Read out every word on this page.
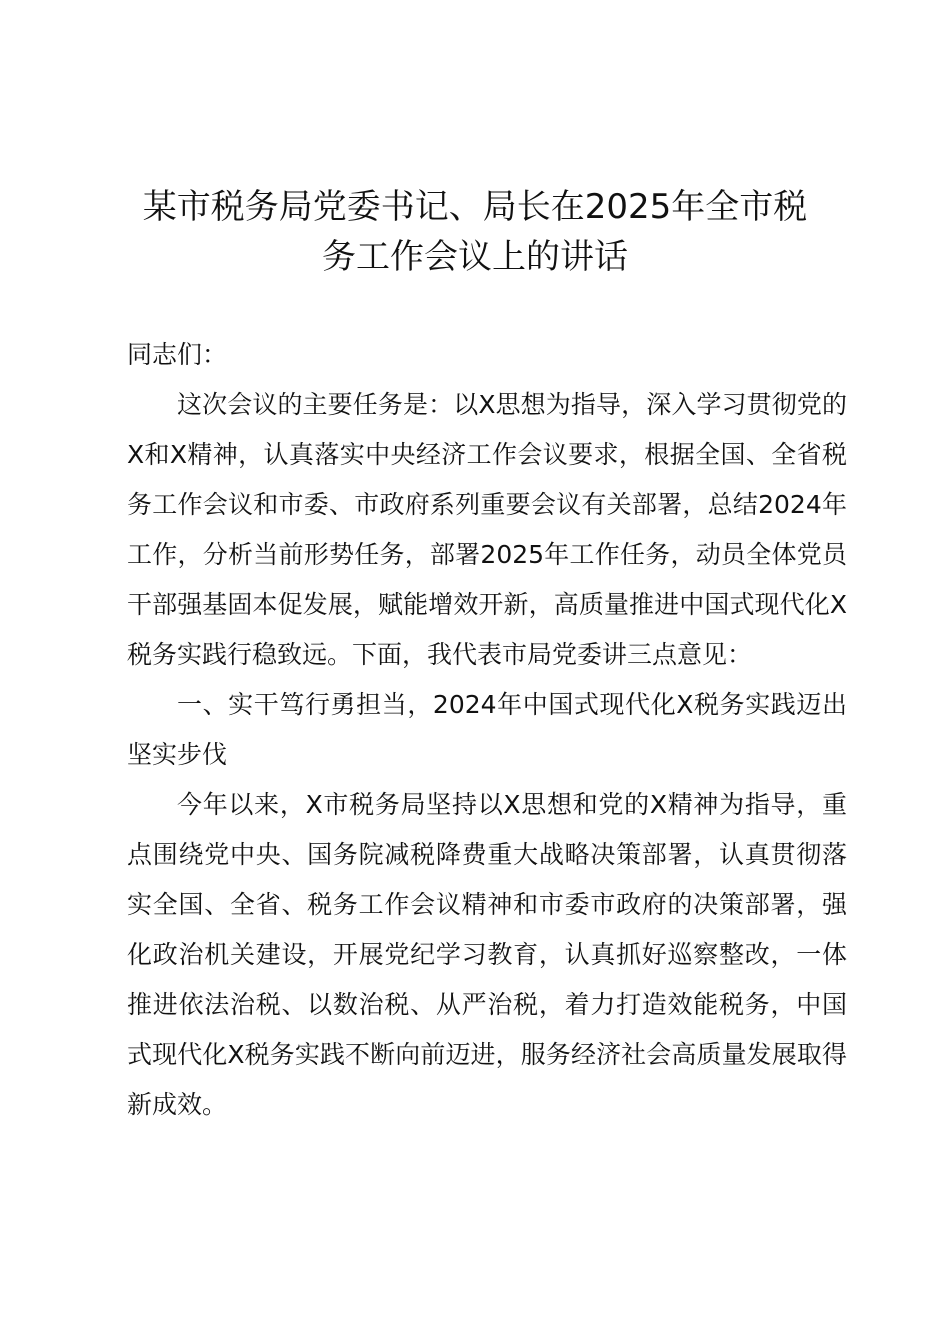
某市税务局党委书记、局长在2025年全市税
务工作会议上的讲话

同志们：

这次会议的主要任务是：以X思想为指导，深入学习贯彻党的X和X精神，认真落实中央经济工作会议要求，根据全国、全省税务工作会议和市委、市政府系列重要会议有关部署，总结2024年工作，分析当前形势任务，部署2025年工作任务，动员全体党员干部强基固本促发展，赋能增效开新，高质量推进中国式现代化X税务实践行稳致远。下面，我代表市局党委讲三点意见：

一、实干笃行勇担当，2024年中国式现代化X税务实践迈出坚实步伐

今年以来，X市税务局坚持以X思想和党的X精神为指导，重点围绕党中央、国务院减税降费重大战略决策部署，认真贯彻落实全国、全省、税务工作会议精神和市委市政府的决策部署，强化政治机关建设，开展党纪学习教育，认真抓好巡察整改，一体推进依法治税、以数治税、从严治税，着力打造效能税务，中国式现代化X税务实践不断向前迈进，服务经济社会高质量发展取得新成效。
